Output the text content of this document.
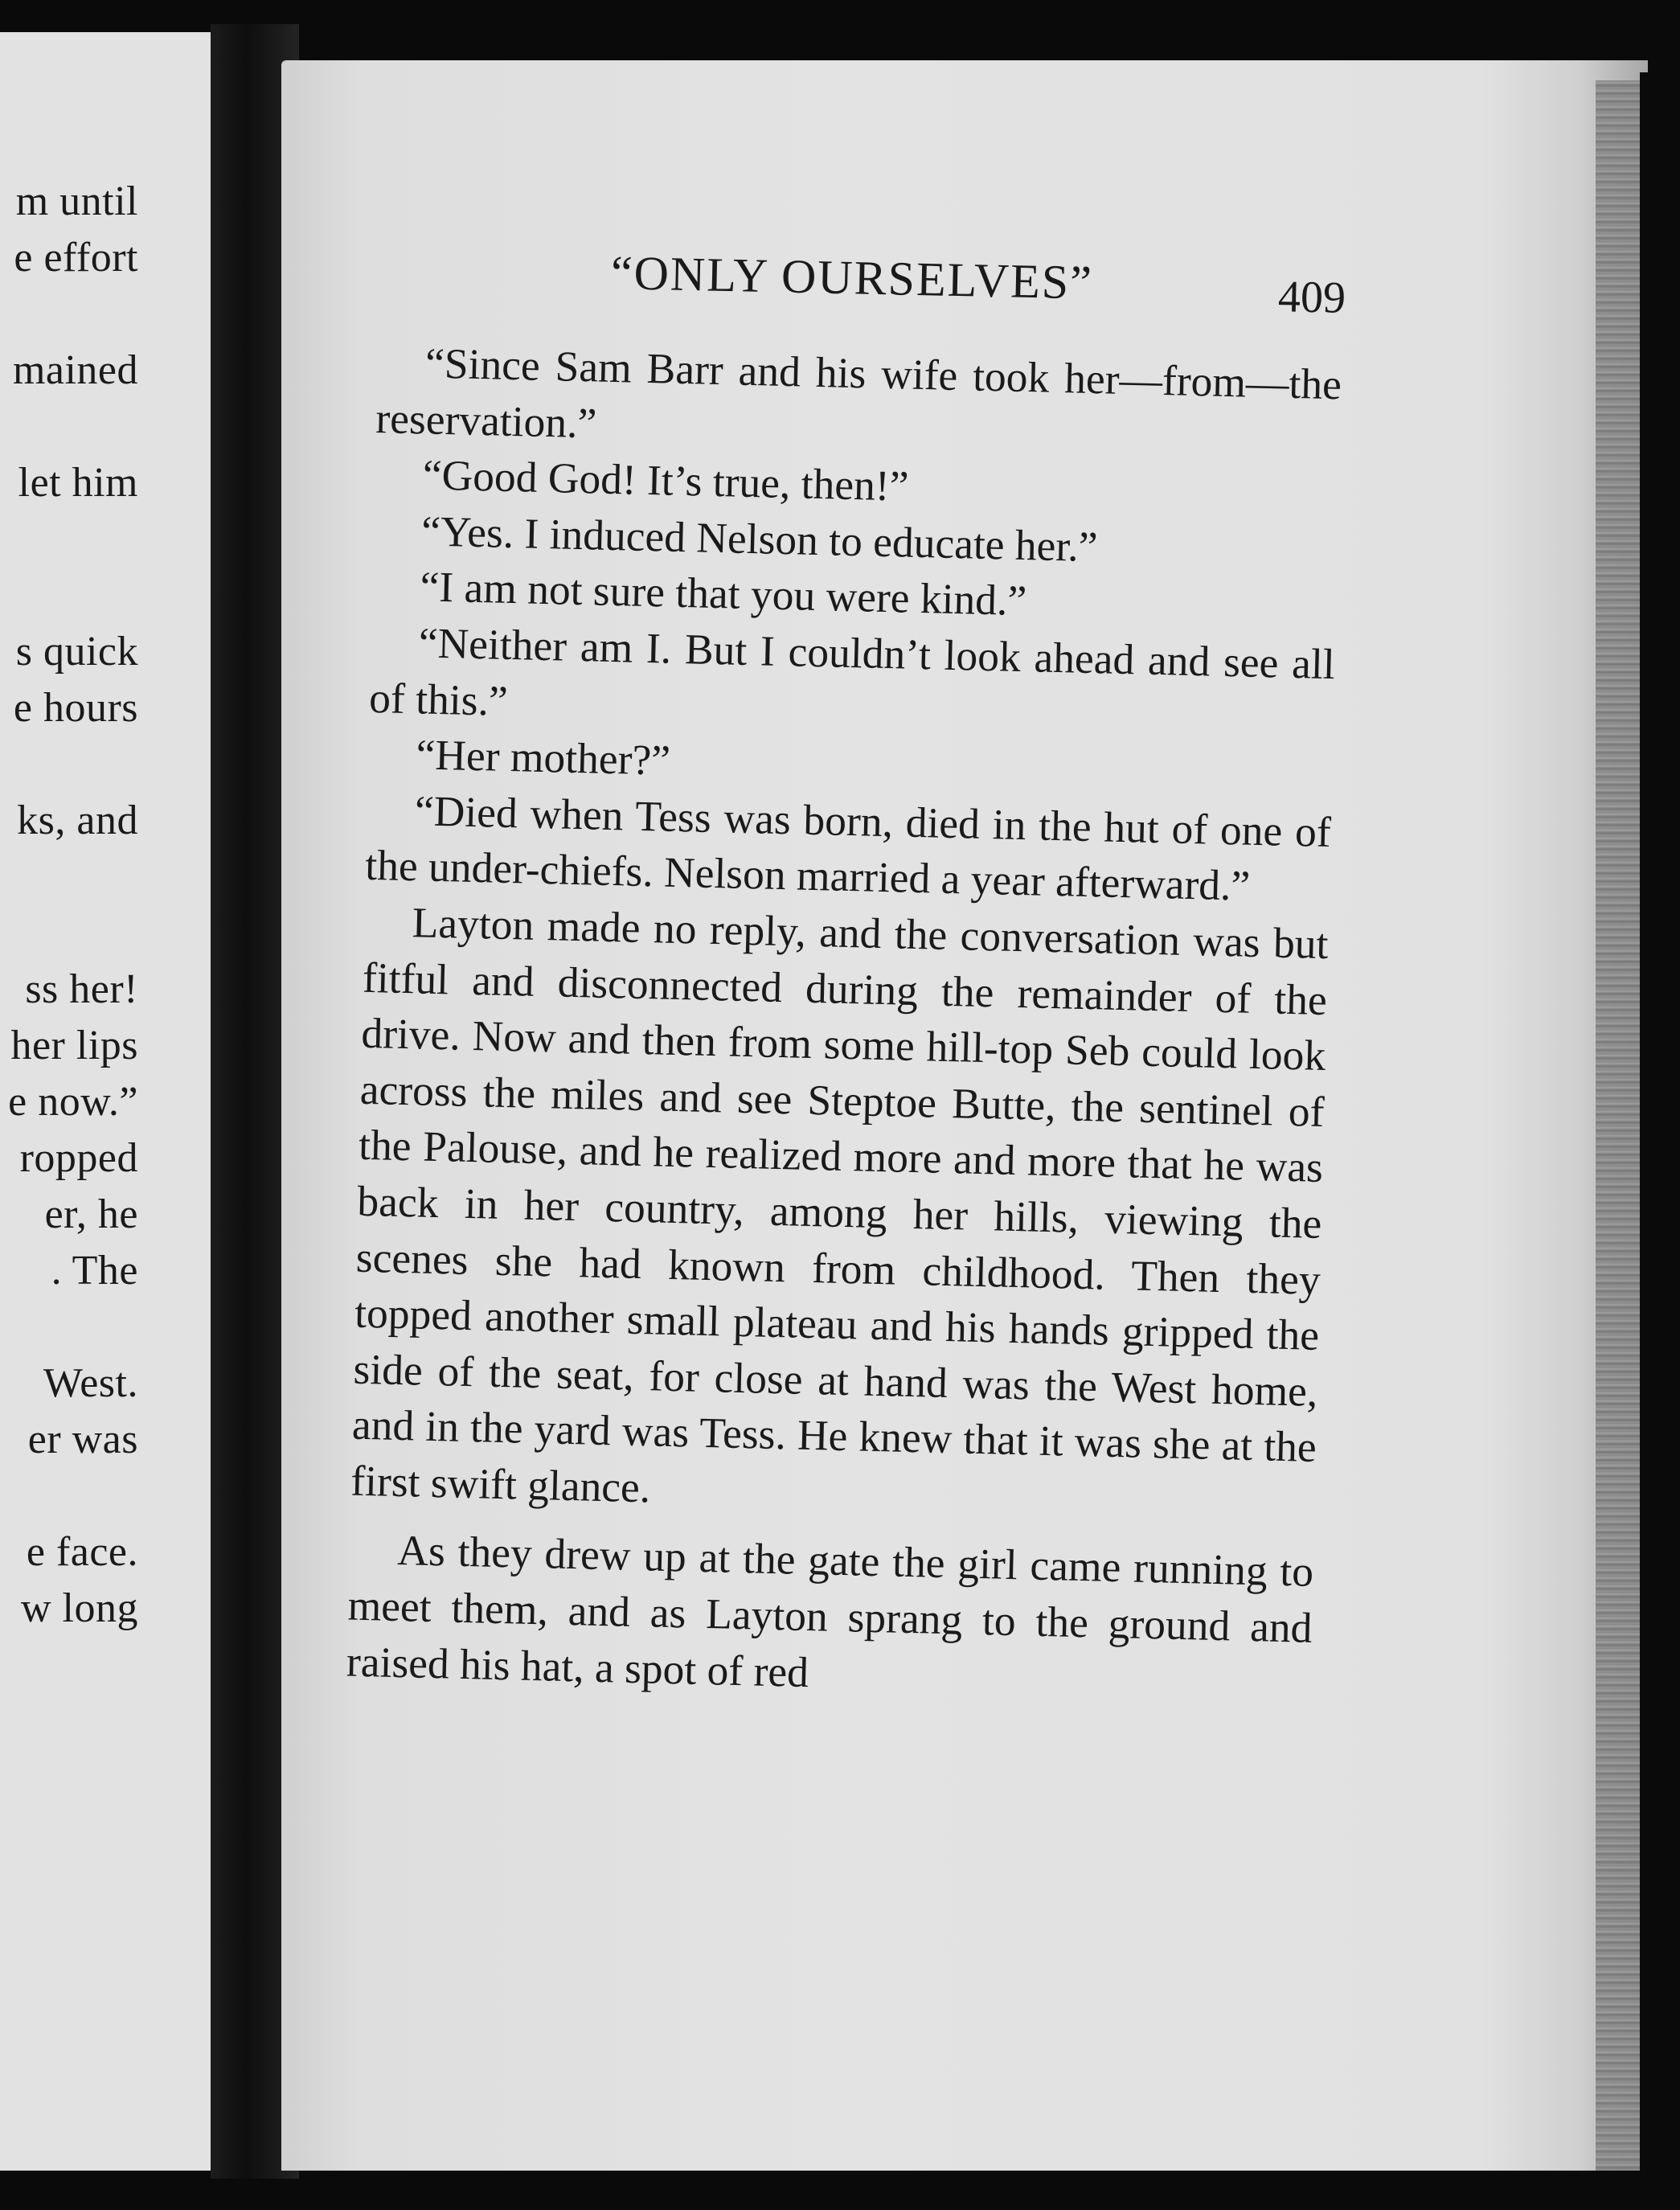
m until
e effort
mained
let him
s quick
e hours
ks, and
ss her!
her lips
e now.”
ropped
er, he
. The
West.
er was
e face.
w long
“ONLY OURSELVES”	409

“Since Sam Barr and his wife took her—from—the reservation.”

“Good God! It’s true, then!”

“Yes. I induced Nelson to educate her.”

“I am not sure that you were kind.”

“Neither am I. But I couldn’t look ahead and see all of this.”

“Her mother?”

“Died when Tess was born, died in the hut of one of the under-chiefs. Nelson married a year afterward.”

Layton made no reply, and the conversation was but fitful and disconnected during the remainder of the drive. Now and then from some hill-top Seb could look across the miles and see Steptoe Butte, the sentinel of the Palouse, and he realized more and more that he was back in her country, among her hills, viewing the scenes she had known from childhood. Then they topped another small plateau and his hands gripped the side of the seat, for close at hand was the West home, and in the yard was Tess. He knew that it was she at the first swift glance.

As they drew up at the gate the girl came running to meet them, and as Layton sprang to the ground and raised his hat, a spot of red
